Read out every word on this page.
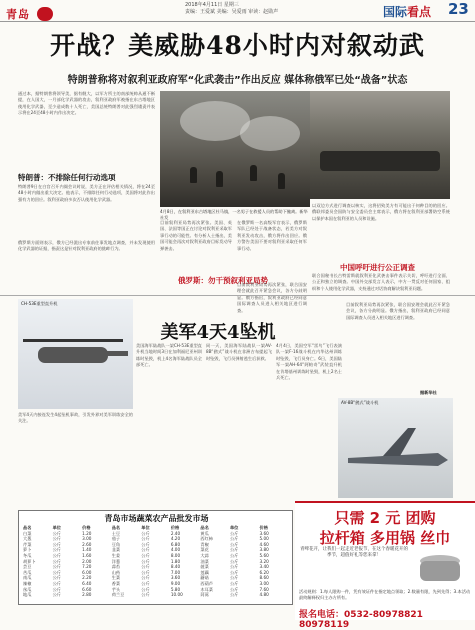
青岛
2018年4月11日 星期三
责编：王爱斌 美编：吴爱雨 审读：赵勋声	国际看点 23
开战？美威胁48小时内对叙动武
特朗普称将对叙利亚政府军“化武袭击”作出反应 媒体称俄军已处“战备”状态
通过本，据特朗普将领导美，据有舰大，以军方所主的南部统帅从通不断提，在人国大，一月部化学武器的攻击，叙利亚政府军被指在东古塔地区使用化学武器，至少造成数十人死亡，美国总统特朗普对此强烈谴责并表示将在24至48小时内作出决定。
特朗普：不排除任何行动选项
特朗普9日在白宫召开内阁会议时说，美方正在评估相关情况，将在24至48小时内做出重大决定。他表示，不排除任何行动选项，美国将对此作出强有力的回应。叙利亚政府多次否认使用化学武器。
俄罗斯方面则表示，俄方已经派出专家前往事发地点调查，并未发现使用化学武器的证据，指责这是针对叙利亚政府的挑衅行为。
4月8日，在叙利亚东古塔地区杜马镇，一名男子在救援人员的帮助下撤离。新华社发
目前叙利亚局势再次紧张。美国、英国、法国等国正在讨论对叙利亚采取军事行动的可能性。有分析人士指出，美国可能会再次对叙利亚政府目标发动导弹袭击。
俄罗斯：勿干预叙利亚局势
在俄罗斯一名高级军官表示，俄罗斯军队已经处于战备状态，若美方对叙利亚发动攻击，俄方将作出回应。俄方警告美国不要对叙利亚采取任何军事行动。
目前叙利亚局势再次紧张，联合国安理会就此召开紧急会议，各方分歧明显。俄方指出，叙利亚政府已经同意国际调查人员进入相关地区进行调查。
以双边方式进行调查以核实，这将招致美方有可能出于何种目的的回应。俄联邦委员会国防与安全委员会主席表示，俄方将在叙利亚部署防空系统以保护本国在叙利亚的人员和设施。
中国呼吁进行公正调查
联合国秘书长古特雷斯就叙利亚化武袭击事件表示关切，呼吁进行全面、公正和独立的调查。中国外交部发言人表示，中方一贯反对任何国家、组织和个人使用化学武器，支持通过对话协商解决叙利亚问题。
CH-53E重型直升机
美军4天4坠机
美国海军陆战队一架CH-53E重型直升机当地时间3日在加利福尼亚州训练时坠毁，机上4名海军陆战队员全部死亡。
同一天，美国海军陆战队一架AV-8B“鹞式”战斗机在非洲吉布提起飞时坠毁，飞行员弹射逃生后获救。
4月4日，美国空军“雷鸟”飞行表演队一架F-16战斗机在内华达州训练时坠毁，飞行员身亡。6日，美国陆军一架AH-64“阿帕奇”武装直升机在肯塔基州训练时坠毁，机上2名士兵死亡。
美军4天内接连发生4起坠机事故，引发外界对美军训练安全的关注。
目前叙利亚局势再次紧张，联合国安理会就此召开紧急会议，各方分歧明显。俄方指出，叙利亚政府已经同意国际调查人员进入相关地区进行调查。
据新华社
AV-8B“鹞式”战斗机
青岛市场蔬菜农产品批发市场
品名	单位	价格	品名	单位	价格	品名	单位	价格
白菜	公斤	1.20	土豆	公斤	2.40	黄瓜	公斤	3.60
大葱	公斤	3.00	茄子	公斤	4.20	西红柿	公斤	5.00
芹菜	公斤	2.60	豆角	公斤	6.80	青椒	公斤	4.60
萝卜	公斤	1.40	韭菜	公斤	4.00	菜花	公斤	3.80
冬瓜	公斤	1.60	生姜	公斤	8.00	大蒜	公斤	5.60
胡萝卜	公斤	2.00	洋葱	公斤	1.80	油菜	公斤	3.20
芸豆	公斤	7.20	蒜苔	公斤	8.40	菠菜	公斤	3.40
苦瓜	公斤	6.00	山药	公斤	7.00	莲藕	公斤	6.20
南瓜	公斤	2.20	生菜	公斤	3.60	蘑菇	公斤	8.60
辣椒	公斤	6.40	香菜	公斤	9.00	西葫芦	公斤	3.00
丝瓜	公斤	6.60	芋头	公斤	5.80	木耳菜	公斤	7.60
地瓜	公斤	2.80	荷兰豆	公斤	10.00	茼蒿	公斤	4.80
只需 2 元 团购
拉杆箱 多用锅 丝巾
青啤花开，让我们一起走近老报节，在这个春暖花开的季节，超值好礼等您来拿！
活动规则：1.每人限购一件，凭有效证件在指定地点领取；2.数量有限，先到先得；3.本活动最终解释权归主办方所有。
报名电话：0532-80978821 80978119
